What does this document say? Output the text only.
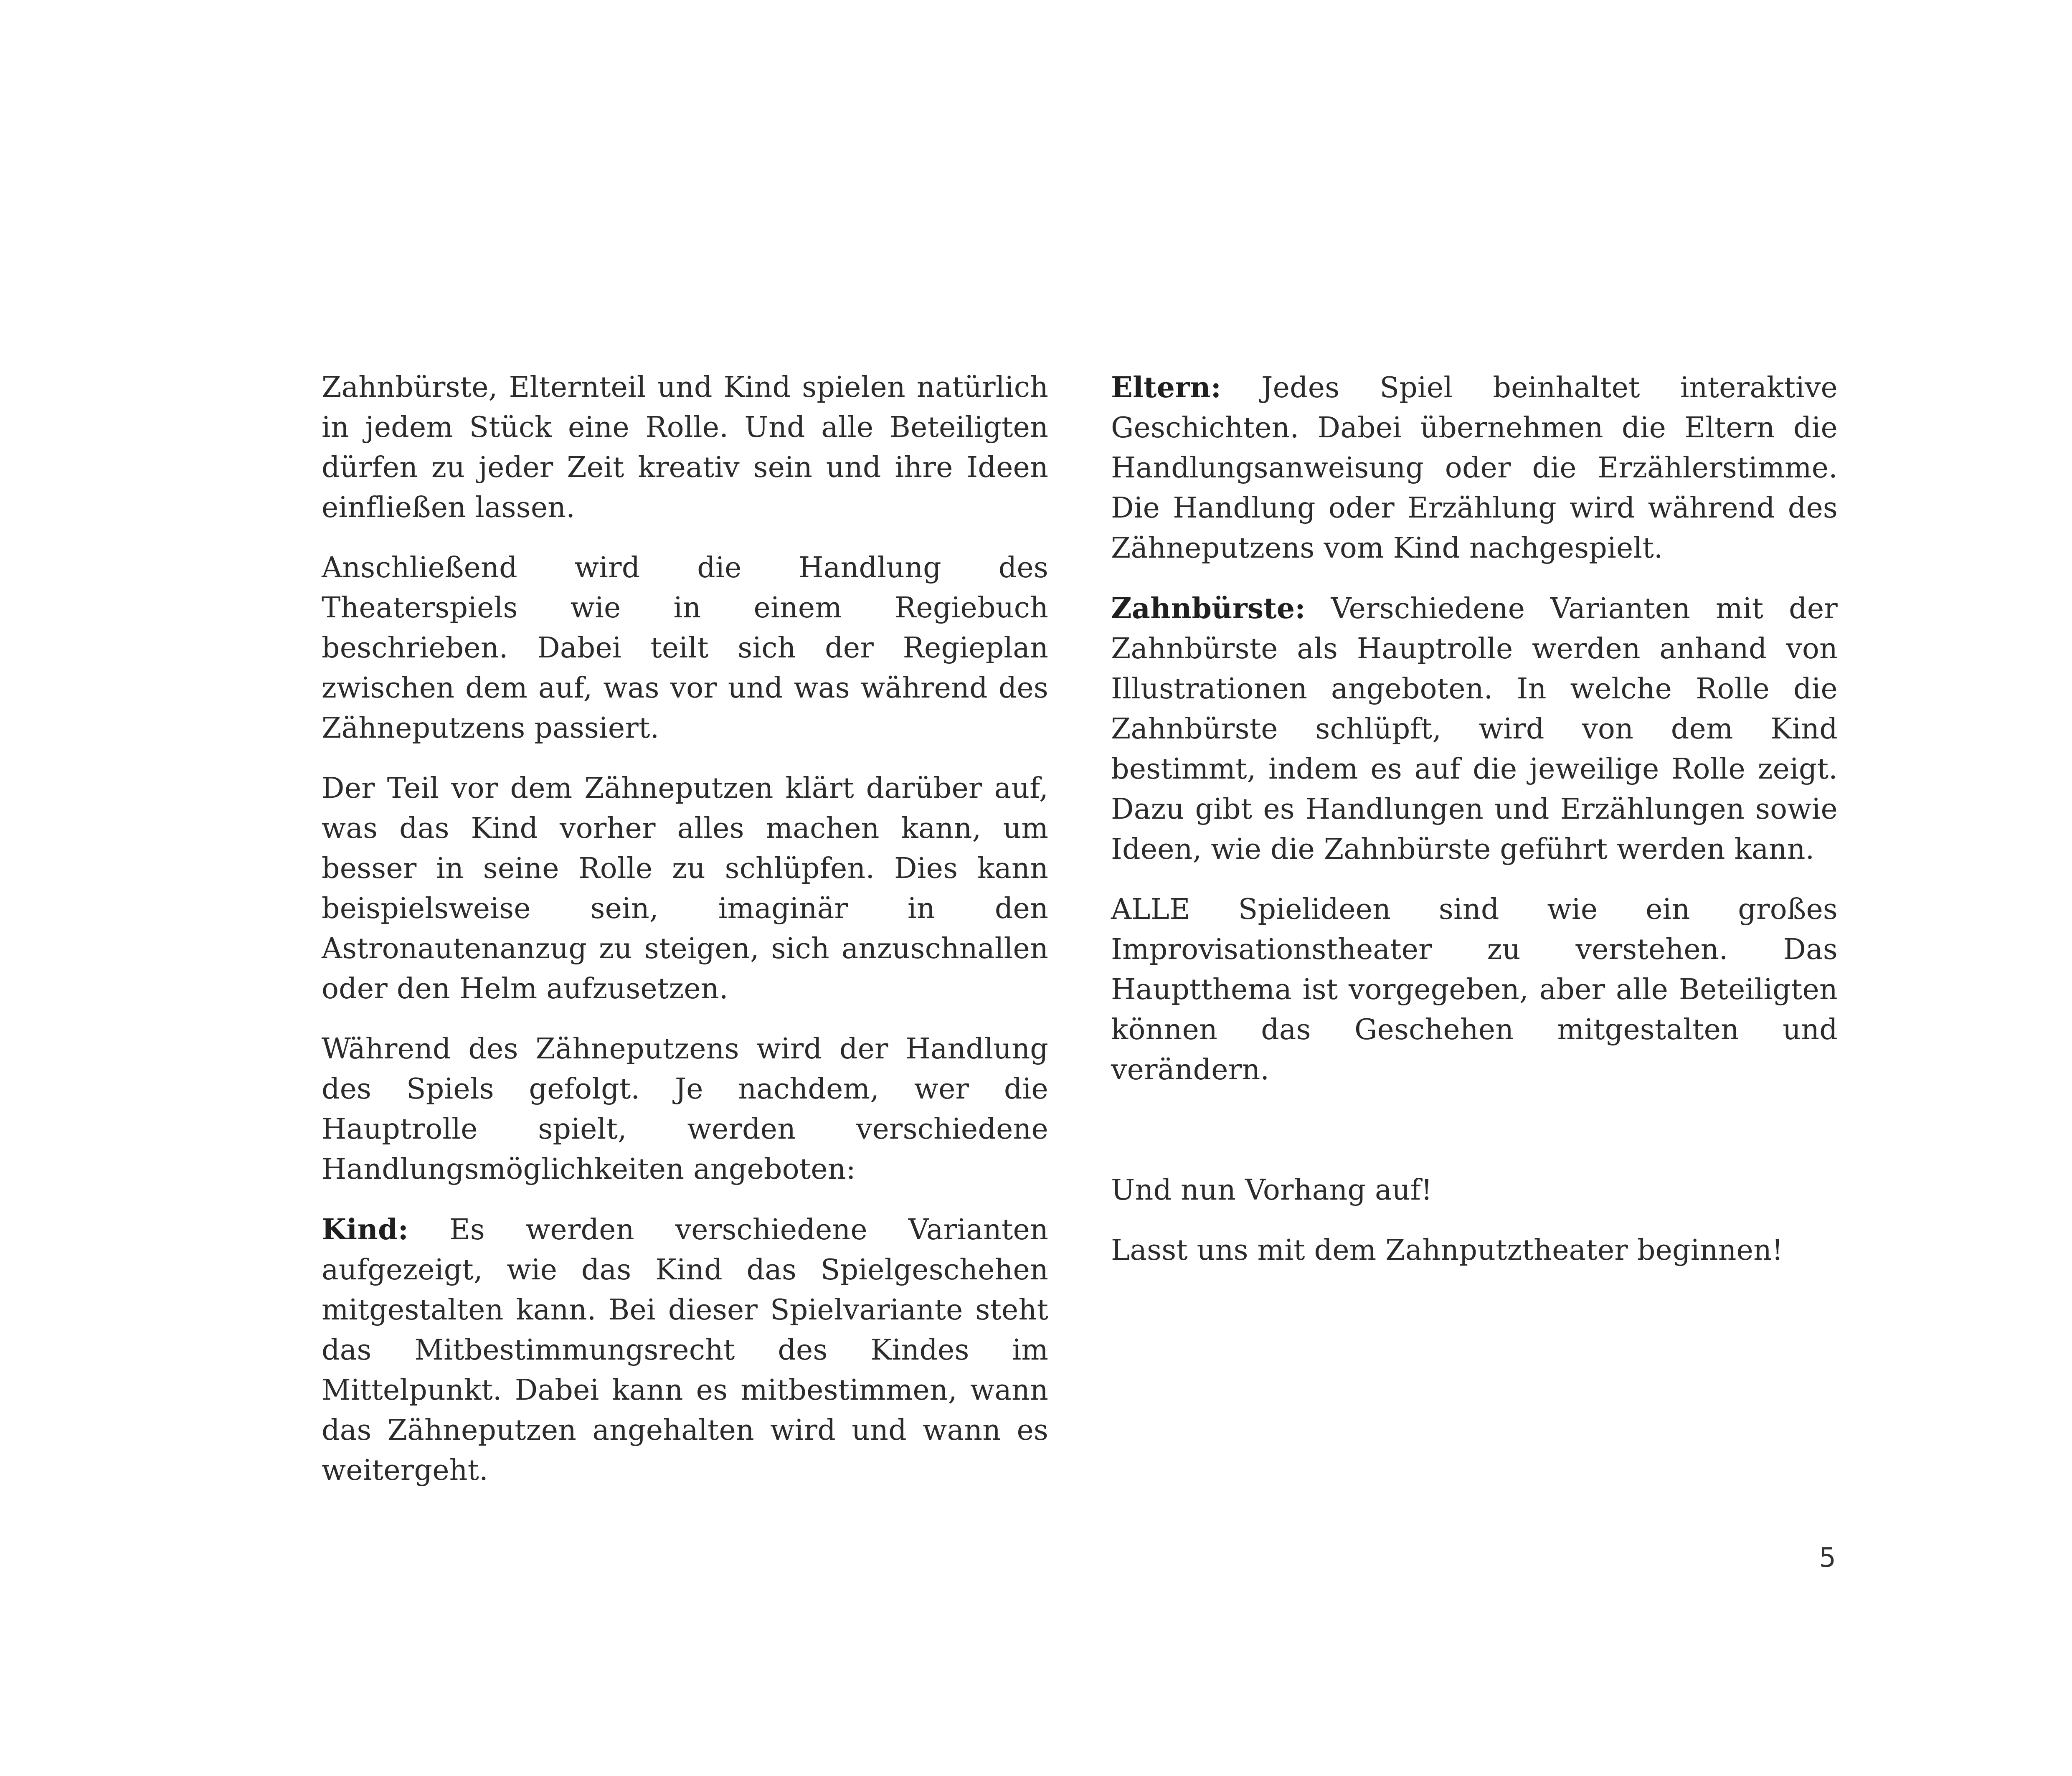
Zahnbürste, Elternteil und Kind spielen natürlich in jedem Stück eine Rolle. Und alle Beteiligten dürfen zu jeder Zeit kreativ sein und ihre Ideen einfließen lassen.

Anschließend wird die Handlung des Theaterspiels wie in einem Regiebuch beschrieben. Dabei teilt sich der Regieplan zwischen dem auf, was vor und was während des Zähneputzens passiert.

Der Teil vor dem Zähneputzen klärt darüber auf, was das Kind vorher alles machen kann, um besser in seine Rolle zu schlüpfen. Dies kann beispielsweise sein, imaginär in den Astronautenanzug zu steigen, sich anzuschnallen oder den Helm aufzusetzen.

Während des Zähneputzens wird der Handlung des Spiels gefolgt. Je nachdem, wer die Hauptrolle spielt, werden verschiedene Handlungsmöglichkeiten angeboten:

Kind: Es werden verschiedene Varianten aufgezeigt, wie das Kind das Spielgeschehen mitgestalten kann. Bei dieser Spielvariante steht das Mitbestimmungsrecht des Kindes im Mittelpunkt. Dabei kann es mitbestimmen, wann das Zähneputzen angehalten wird und wann es weitergeht.

Eltern: Jedes Spiel beinhaltet interaktive Geschichten. Dabei übernehmen die Eltern die Handlungsanweisung oder die Erzählerstimme. Die Handlung oder Erzählung wird während des Zähneputzens vom Kind nachgespielt.

Zahnbürste: Verschiedene Varianten mit der Zahnbürste als Hauptrolle werden anhand von Illustrationen angeboten. In welche Rolle die Zahnbürste schlüpft, wird von dem Kind bestimmt, indem es auf die jeweilige Rolle zeigt. Dazu gibt es Handlungen und Erzählungen sowie Ideen, wie die Zahnbürste geführt werden kann.

ALLE Spielideen sind wie ein großes Improvisationstheater zu verstehen. Das Hauptthema ist vorgegeben, aber alle Beteiligten können das Geschehen mitgestalten und verändern.

Und nun Vorhang auf!

Lasst uns mit dem Zahnputztheater beginnen!

5
